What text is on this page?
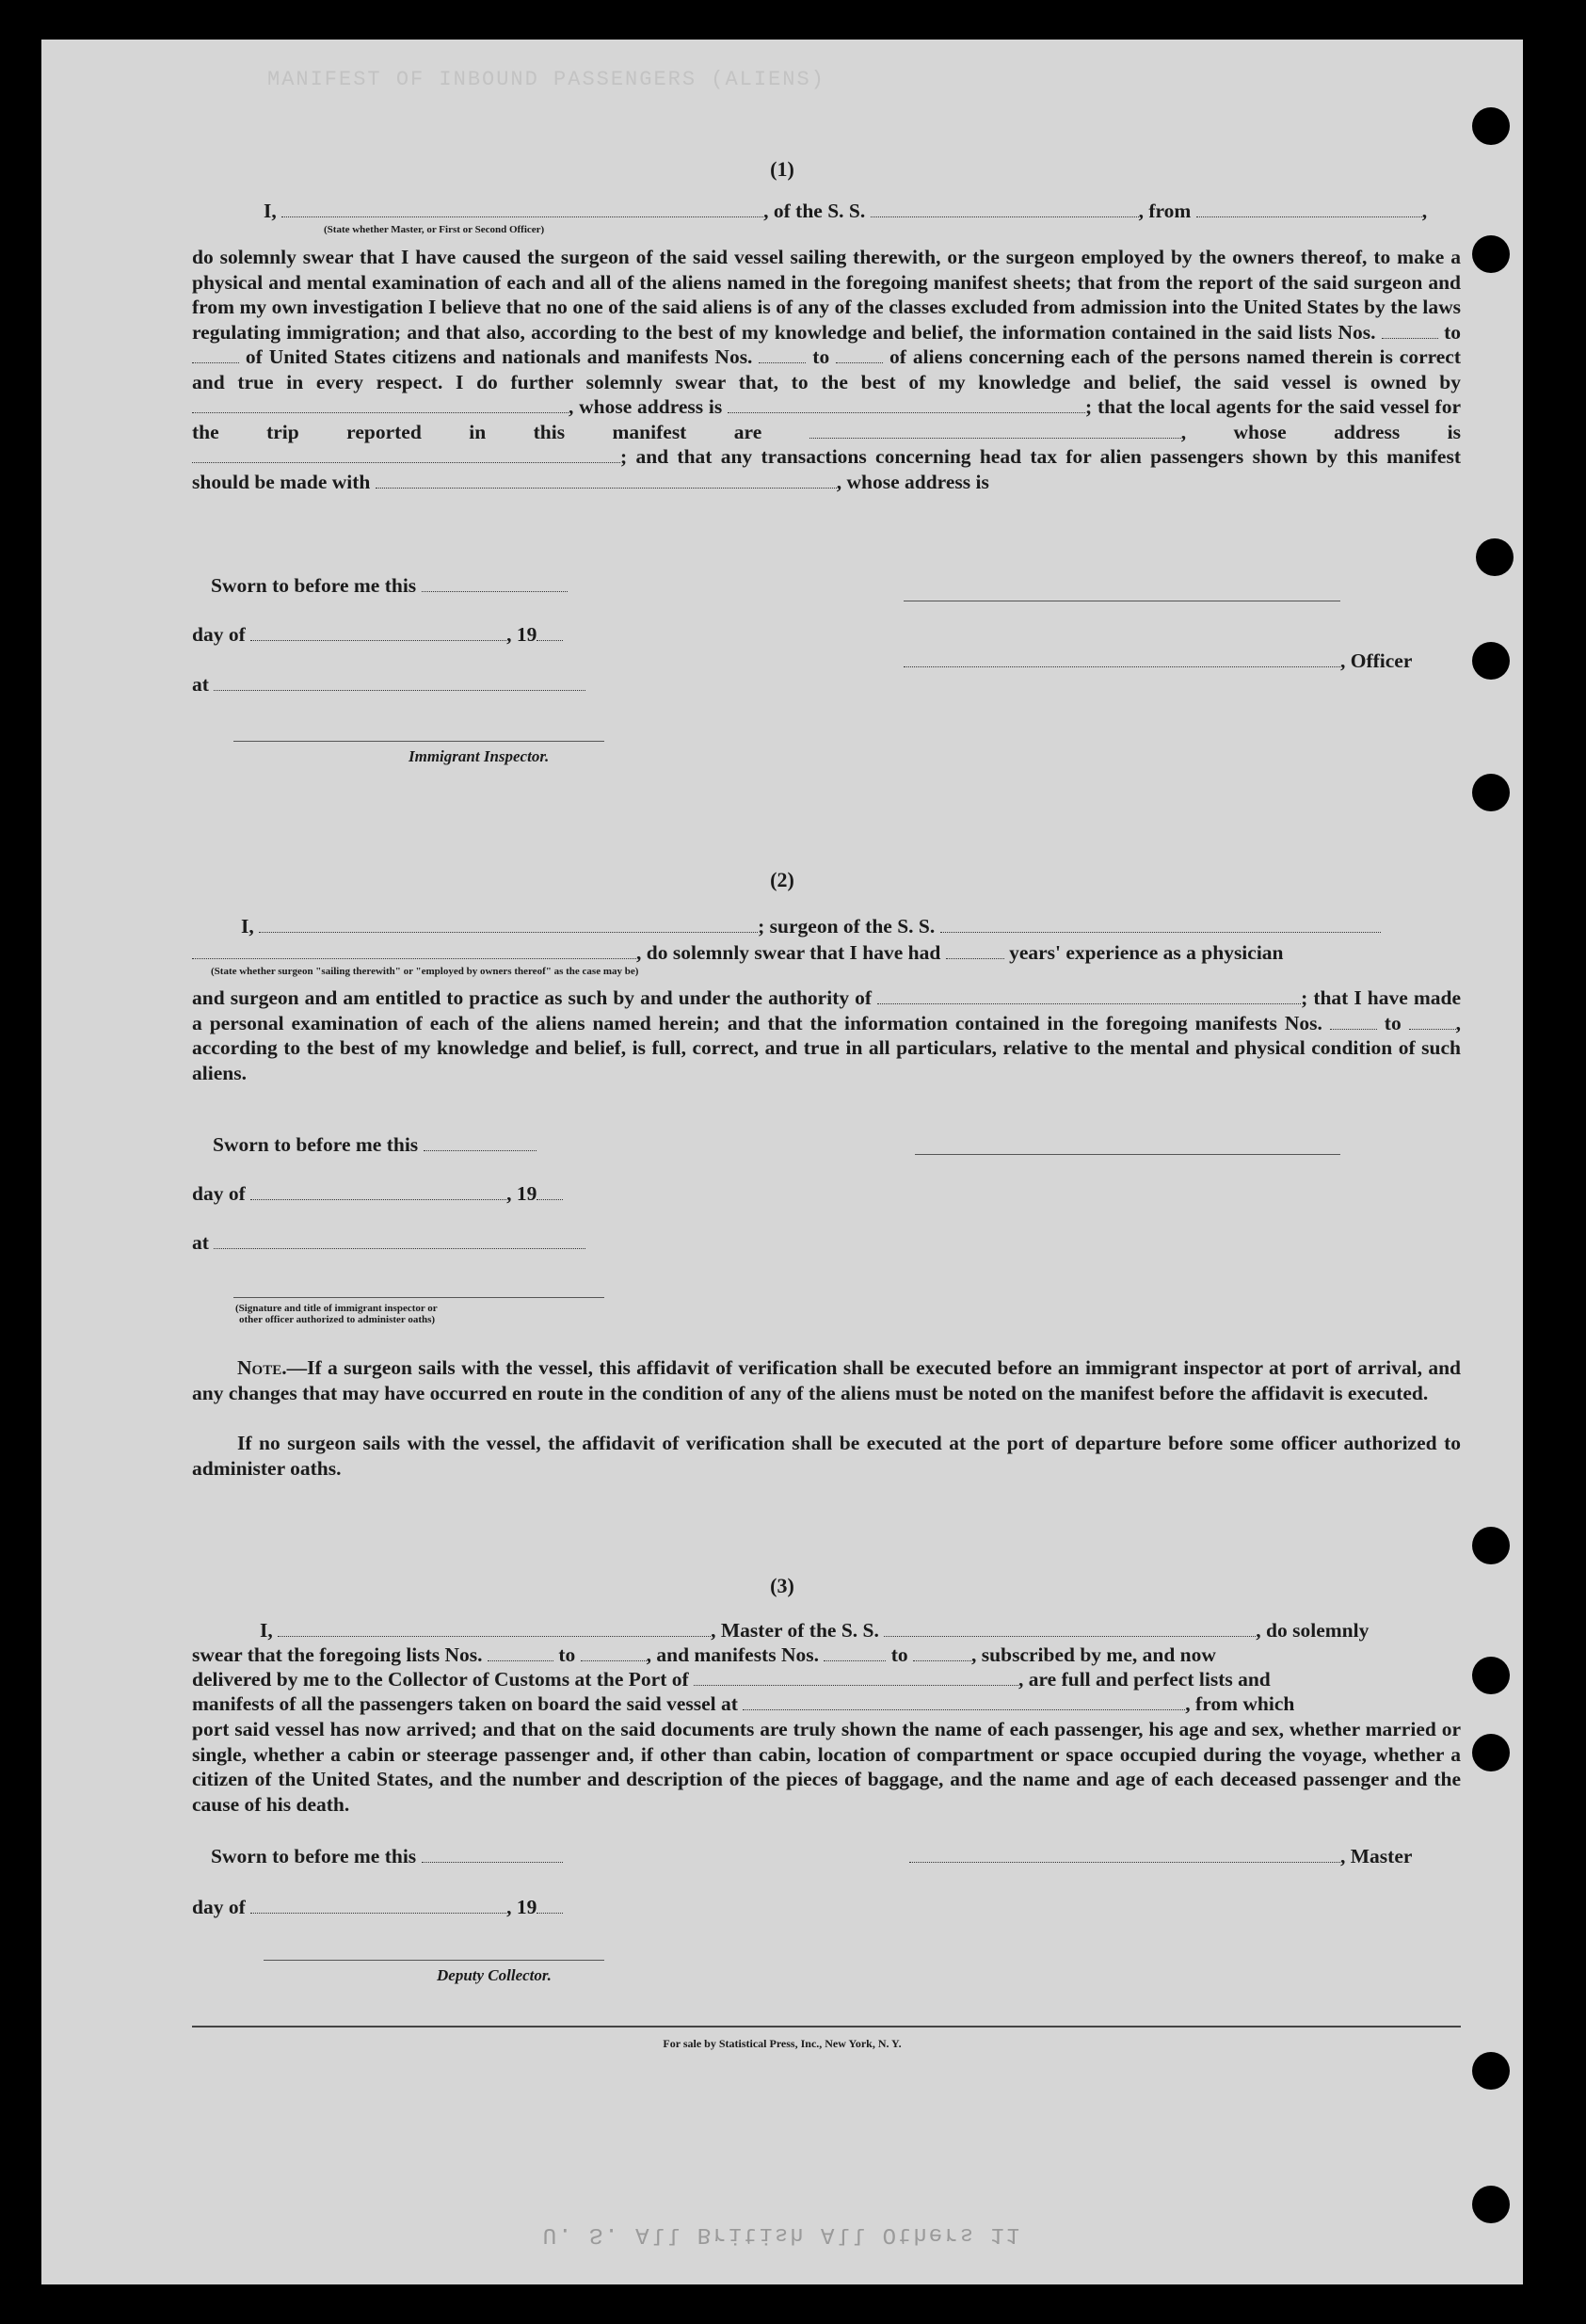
MANIFEST OF INBOUND PASSENGERS (ALIENS)
(1)
I,	, of the S. S.	, from	,
(State whether Master, or First or Second Officer)
do solemnly swear that I have caused the surgeon of the said vessel sailing therewith, or the surgeon employed by the owners thereof, to make a physical and mental examination of each and all of the aliens named in the foregoing manifest sheets; that from the report of the said surgeon and from my own investigation I believe that no one of the said aliens is of any of the classes excluded from admission into the United States by the laws regulating immigration; and that also, according to the best of my knowledge and belief, the information contained in the said lists Nos.	to  of United States citizens and nationals and manifests Nos.	to	of aliens concerning each of the persons named therein is correct and true in every respect. I do further solemnly swear that, to the best of my knowledge and belief, the said vessel is owned by , whose address is	; that the local agents for the said vessel for the trip reported in this manifest are	, whose address is ; and that any transactions concerning head tax for alien passengers shown by this manifest should be made with	, whose address is
Sworn to before me this
day of	, 19
at
Immigrant Inspector.
, Officer
(2)
I,	; surgeon of the S. S.
, do solemnly swear that I have had	years' experience as a physician
(State whether surgeon "sailing therewith" or "employed by owners thereof" as the case may be)
and surgeon and am entitled to practice as such by and under the authority of	; that I have made a personal examination of each of the aliens named herein; and that the information contained in the foregoing manifests Nos.	to	, according to the best of my knowledge and belief, is full, correct, and true in all particulars, relative to the mental and physical condition of such aliens.
Sworn to before me this
day of	, 19
at
(Signature and title of immigrant inspector or
other officer authorized to administer oaths)
Note.—If a surgeon sails with the vessel, this affidavit of verification shall be executed before an immigrant inspector at port of arrival, and any changes that may have occurred en route in the condition of any of the aliens must be noted on the manifest before the affidavit is executed.
If no surgeon sails with the vessel, the affidavit of verification shall be executed at the port of departure before some officer authorized to administer oaths.
(3)
I,	, Master of the S. S.	, do solemnly
swear that the foregoing lists Nos.	to	, and manifests Nos.	to	, subscribed by me, and now
delivered by me to the Collector of Customs at the Port of	, are full and perfect lists and
manifests of all the passengers taken on board the said vessel at	, from which
port said vessel has now arrived; and that on the said documents are truly shown the name of each passenger, his age and sex, whether married or single, whether a cabin or steerage passenger and, if other than cabin, location of compartment or space occupied during the voyage, whether a citizen of the United States, and the number and description of the pieces of baggage, and the name and age of each deceased passenger and the cause of his death.
Sworn to before me this	, Master
day of	, 19
Deputy Collector.
For sale by Statistical Press, Inc., New York, N. Y.
U. S. All British All Others 11
